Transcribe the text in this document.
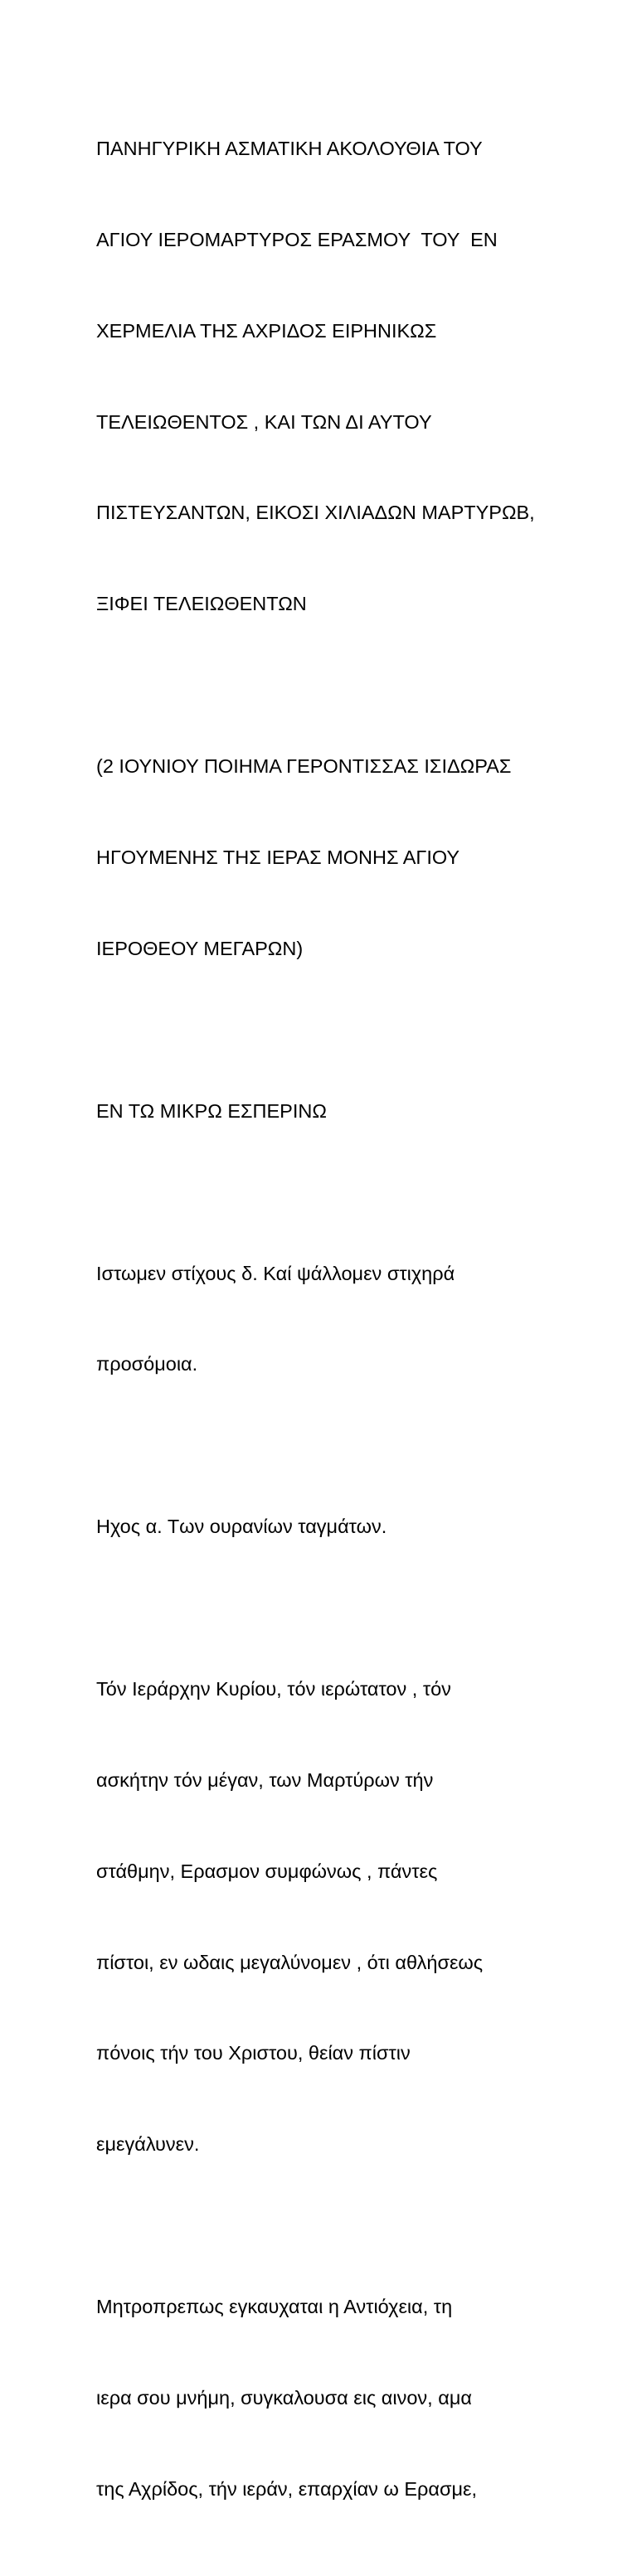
ΠΑΝΗΓΥΡΙΚΗ ΑΣΜΑΤΙΚΗ ΑΚΟΛΟΥΘΙΑ ΤΟΥ

ΑΓΙΟΥ ΙΕΡΟΜΑΡΤΥΡΟΣ ΕΡΑΣΜΟΥ  ΤΟΥ  ΕΝ

ΧΕΡΜΕΛΙΑ ΤΗΣ ΑΧΡΙΔΟΣ ΕΙΡΗΝΙΚΩΣ

ΤΕΛΕΙΩΘΕΝΤΟΣ , ΚΑΙ ΤΩΝ ΔΙ ΑΥΤΟΥ

ΠΙΣΤΕΥΣΑΝΤΩΝ, ΕΙΚΟΣΙ ΧΙΛΙΑΔΩΝ ΜΑΡΤΥΡΩΒ,

ΞΙΦΕΙ ΤΕΛΕΙΩΘΕΝΤΩΝ

(2 ΙΟΥΝΙΟΥ ΠΟΙΗΜΑ ΓΕΡΟΝΤΙΣΣΑΣ ΙΣΙΔΩΡΑΣ

ΗΓΟΥΜΕΝΗΣ ΤΗΣ ΙΕΡΑΣ ΜΟΝΗΣ ΑΓΙΟΥ

ΙΕΡΟΘΕΟΥ ΜΕΓΑΡΩΝ)

ΕΝ ΤΩ ΜΙΚΡΩ ΕΣΠΕΡΙΝΩ

Ιστωμεν στίχους δ. Καί ψάλλομεν στιχηρά

προσόμοια.

Ηχος α. Των ουρανίων ταγμάτων.

Τόν Ιεράρχην Κυρίου, τόν ιερώτατον , τόν

ασκήτην τόν μέγαν, των Μαρτύρων τήν

στάθμην, Ερασμον συμφώνως , πάντες

πίστοι, εν ωδαις μεγαλύνομεν , ότι αθλήσεως

πόνοις τήν του Χριστου, θείαν πίστιν

εμεγάλυνεν.

Μητροπρεπως εγκαυχαται η Αντιόχεια, τη

ιερα σου μνήμη, συγκαλουσα εις αινον, αμα

της Αχρίδος, τήν ιεράν, επαρχίαν ω Ερασμε,
